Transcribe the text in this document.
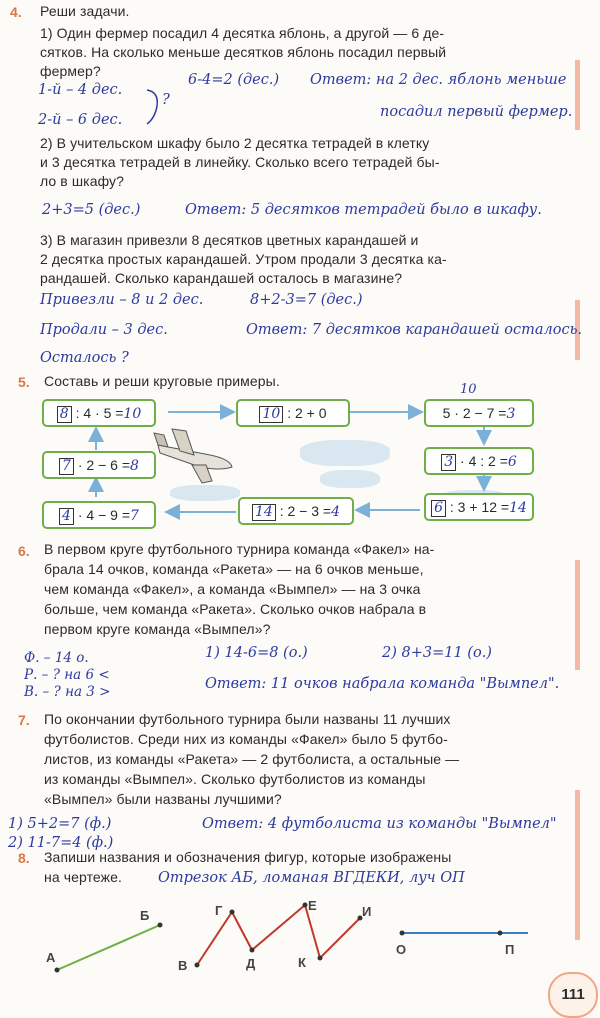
4. Реши задачи.
1) Один фермер посадил 4 десятка яблонь, а другой — 6 де-
сятков. На сколько меньше десятков яблонь посадил первый
фермер?
1-й – 4 дес.
2-й – 6 дес.
?
6-4=2 (дес.) Ответ: на 2 дес. яблонь меньше
посадил первый фермер.
2) В учительском шкафу было 2 десятка тетрадей в клетку
и 3 десятка тетрадей в линейку. Сколько всего тетрадей бы-
ло в шкафу?
2+3=5 (дес.)	Ответ: 5 десятков тетрадей было в шкафу.
3) В магазин привезли 8 десятков цветных карандашей и
2 десятка простых карандашей. Утром продали 3 десятка ка-
рандашей. Сколько карандашей осталось в магазине?
Привезли – 8 и 2 дес.	8+2-3=7 (дес.)
Продали – 3 дес.	Ответ: 7 десятков карандашей осталось.
Осталось ?
5. Составь и реши круговые примеры.
8 : 4 · 5 =10	10 : 2 + 0
10
5 · 2 − 7 =3
3 · 4 : 2 =6
6 : 3 + 12 =14
14 : 2 − 3 =4
4 · 4 − 9 =7
7 · 2 − 6 =8
6. В первом круге футбольного турнира команда «Факел» на-
брала 14 очков, команда «Ракета» — на 6 очков меньше,
чем команда «Факел», а команда «Вымпел» — на 3 очка
больше, чем команда «Ракета». Сколько очков набрала в
первом круге команда «Вымпел»?
Ф. – 14 о.
Р. – ? на 6 <
В. – ? на 3 >
1) 14-6=8 (о.)	2) 8+3=11 (о.)
Ответ: 11 очков набрала команда "Вымпел".
7. По окончании футбольного турнира были названы 11 лучших
футболистов. Среди них из команды «Факел» было 5 футбо-
листов, из команды «Ракета» — 2 футболиста, а остальные —
из команды «Вымпел». Сколько футболистов из команды
«Вымпел» были названы лучшими?
1) 5+2=7 (ф.)
2) 11-7=4 (ф.)
Ответ: 4 футболиста из команды "Вымпел"
8. Запиши названия и обозначения фигур, которые изображены
на чертеже. Отрезок АБ, ломаная ВГДЕКИ, луч ОП
А
Б
В
Г
Д
Е
К
И
О	П
111
